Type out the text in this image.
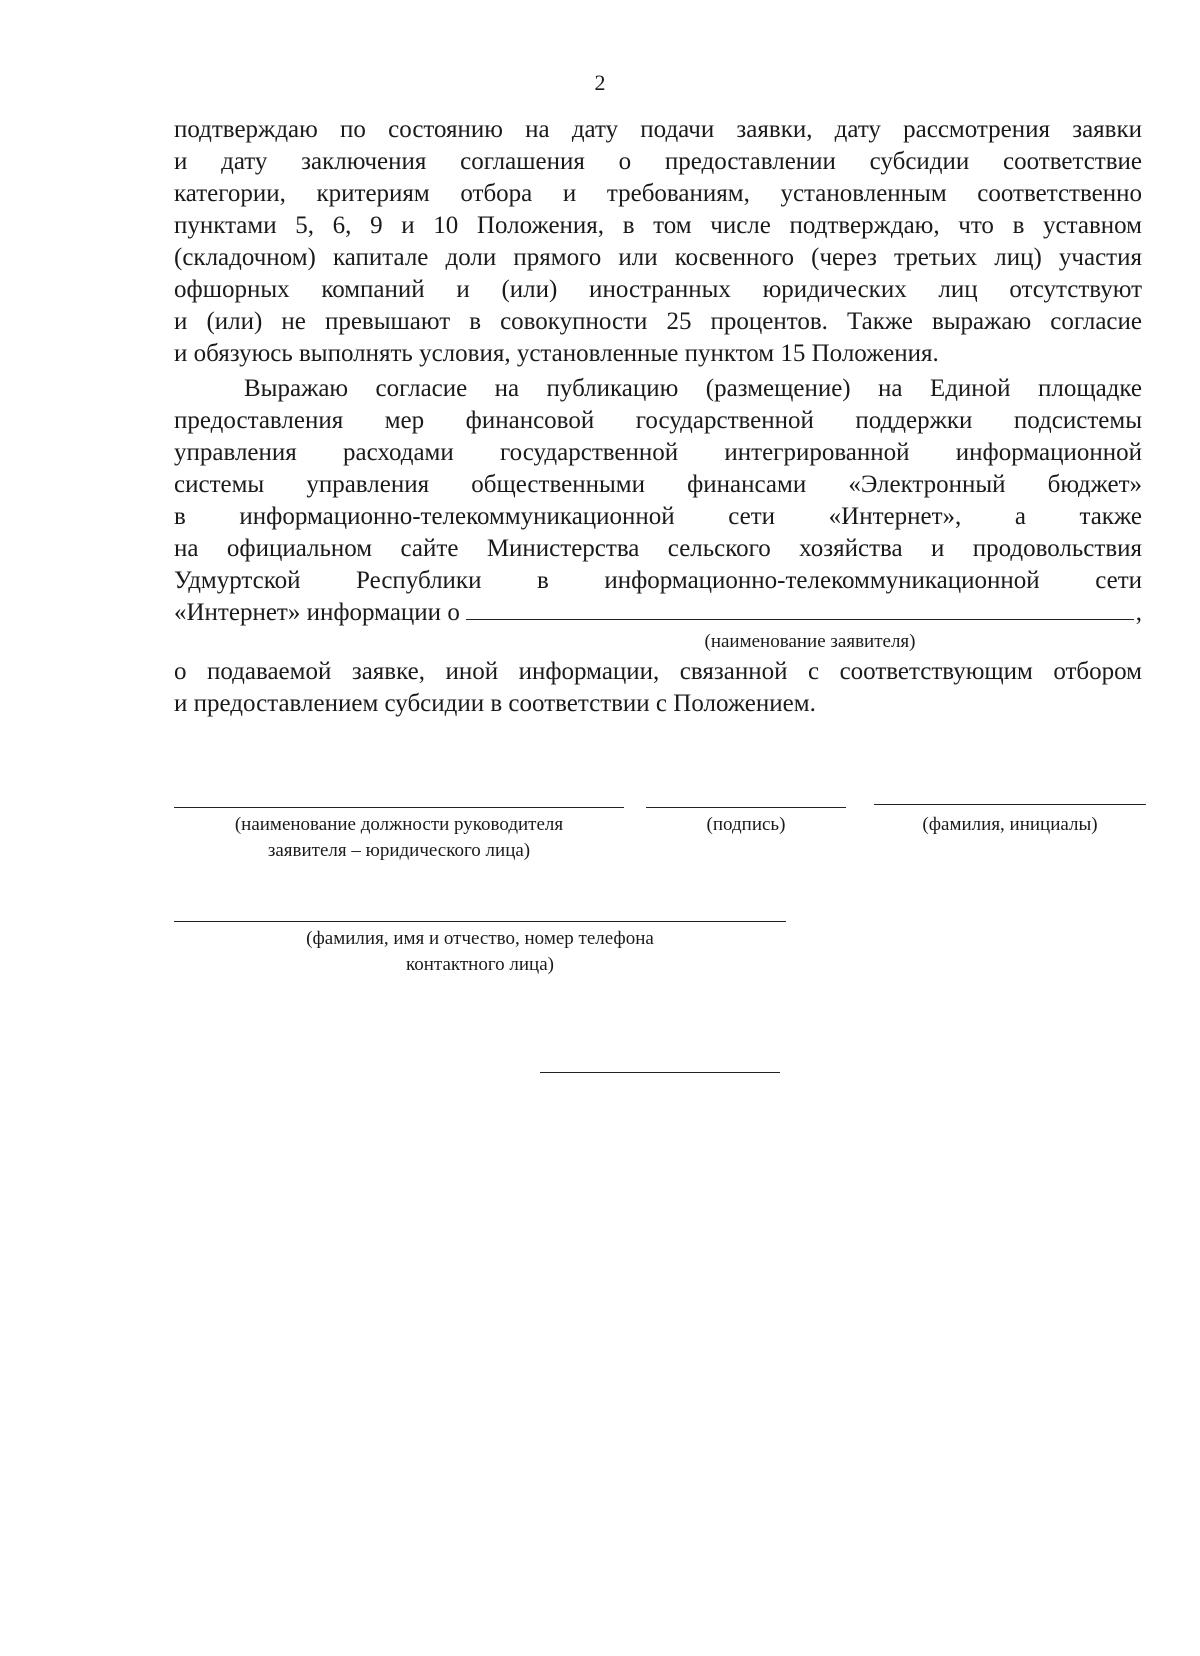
2

подтверждаю по состоянию на дату подачи заявки, дату рассмотрения заявки

и дату заключения соглашения о предоставлении субсидии соответствие

категории, критериям отбора и требованиям, установленным соответственно

пунктами 5, 6, 9 и 10 Положения, в том числе подтверждаю, что в уставном

(складочном) капитале доли прямого или косвенного (через третьих лиц) участия

офшорных компаний и (или) иностранных юридических лиц отсутствуют

и (или) не превышают в совокупности 25 процентов. Также выражаю согласие

и обязуюсь выполнять условия, установленные пунктом 15 Положения.

Выражаю согласие на публикацию (размещение) на Единой площадке

предоставления мер финансовой государственной поддержки подсистемы

управления расходами государственной интегрированной информационной

системы управления общественными финансами «Электронный бюджет»

в информационно-телекоммуникационной сети «Интернет», а также

на официальном сайте Министерства сельского хозяйства и продовольствия

Удмуртской Республики в информационно-телекоммуникационной сети

«Интернет» информации о	,
(наименование заявителя)

о подаваемой заявке, иной информации, связанной с соответствующим отбором

и предоставлением субсидии в соответствии с Положением.

(наименование должности руководителя
заявителя – юридического лица)
(подпись)	(фамилия, инициалы)
(фамилия, имя и отчество, номер телефона
контактного лица)
